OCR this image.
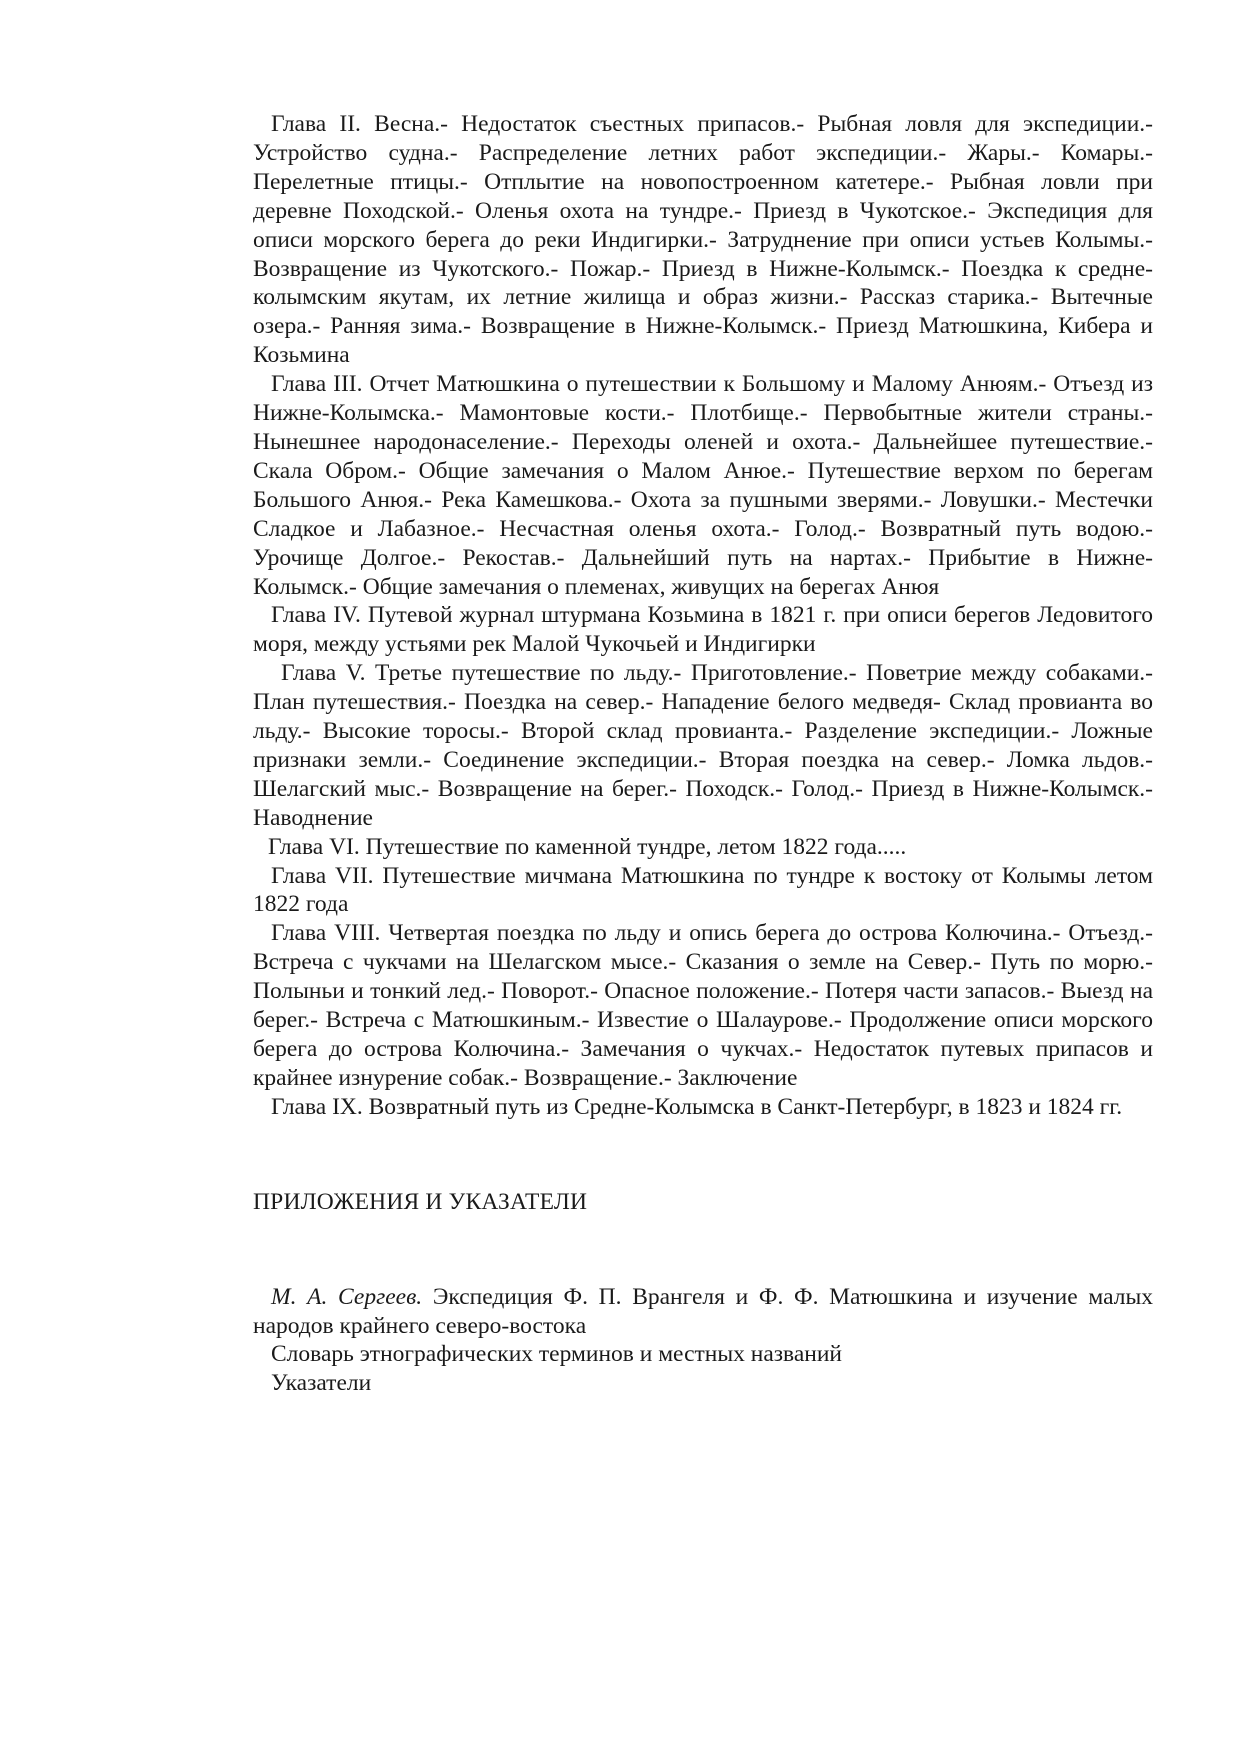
Глава II. Весна.- Недостаток съестных припасов.- Рыбная ловля для экспедиции.- Устройство судна.- Распределение летних работ экспедиции.- Жары.- Комары.- Перелетные птицы.- Отплытие на новопостроенном катетере.- Рыбная ловли при деревне Походской.- Оленья охота на тундре.- Приезд в Чукотское.- Экспедиция для описи морского берега до реки Индигирки.- Затруднение при описи устьев Колымы.- Возвращение из Чукотского.- Пожар.- Приезд в Нижне-Колымск.- Поездка к средне-колымским якутам, их летние жилища и образ жизни.- Рассказ старика.- Вытечные озера.- Ранняя зима.- Возвращение в Нижне-Колымск.- Приезд Матюшкина, Кибера и Козьмина

Глава III. Отчет Матюшкина о путешествии к Большому и Малому Анюям.- Отъезд из Нижне-Колымска.- Мамонтовые кости.- Плотбище.- Первобытные жители страны.- Нынешнее народонаселение.- Переходы оленей и охота.- Дальнейшее путешествие.- Скала Обром.- Общие замечания о Малом Анюе.- Путешествие верхом по берегам Большого Анюя.- Река Камешкова.- Охота за пушными зверями.- Ловушки.- Местечки Сладкое и Лабазное.- Несчастная оленья охота.- Голод.- Возвратный путь водою.- Урочище Долгое.- Рекостав.- Дальнейший путь на нартах.- Прибытие в Нижне-Колымск.- Общие замечания о племенах, живущих на берегах Анюя

Глава IV. Путевой журнал штурмана Козьмина в 1821 г. при описи берегов Ледовитого моря, между устьями рек Малой Чукочьей и Индигирки

Глава V. Третье путешествие по льду.- Приготовление.- Поветрие между собаками.- План путешествия.- Поездка на север.- Нападение белого медведя- Склад провианта во льду.- Высокие торосы.- Второй склад провианта.- Разделение экспедиции.- Ложные признаки земли.- Соединение экспедиции.- Вторая поездка на север.- Ломка льдов.- Шелагский мыс.- Возвращение на берег.- Походск.- Голод.- Приезд в Нижне-Колымск.- Наводнение

Глава VI. Путешествие по каменной тундре, летом 1822 года.....

Глава VII. Путешествие мичмана Матюшкина по тундре к востоку от Колымы летом 1822 года

Глава VIII. Четвертая поездка по льду и опись берега до острова Колючина.- Отъезд.- Встреча с чукчами на Шелагском мысе.- Сказания о земле на Север.- Путь по морю.- Полыньи и тонкий лед.- Поворот.- Опасное положение.- Потеря части запасов.- Выезд на берег.- Встреча с Матюшкиным.- Известие о Шалаурове.- Продолжение описи морского берега до острова Колючина.- Замечания о чукчах.- Недостаток путевых припасов и крайнее изнурение собак.- Возвращение.- Заключение

Глава IX. Возвратный путь из Средне-Колымска в Санкт-Петербург, в 1823 и 1824 гг.

ПРИЛОЖЕНИЯ И УКАЗАТЕЛИ

М. А. Сергеев. Экспедиция Ф. П. Врангеля и Ф. Ф. Матюшкина и изучение малых народов крайнего северо-востока

Словарь этнографических терминов и местных названий

Указатели
